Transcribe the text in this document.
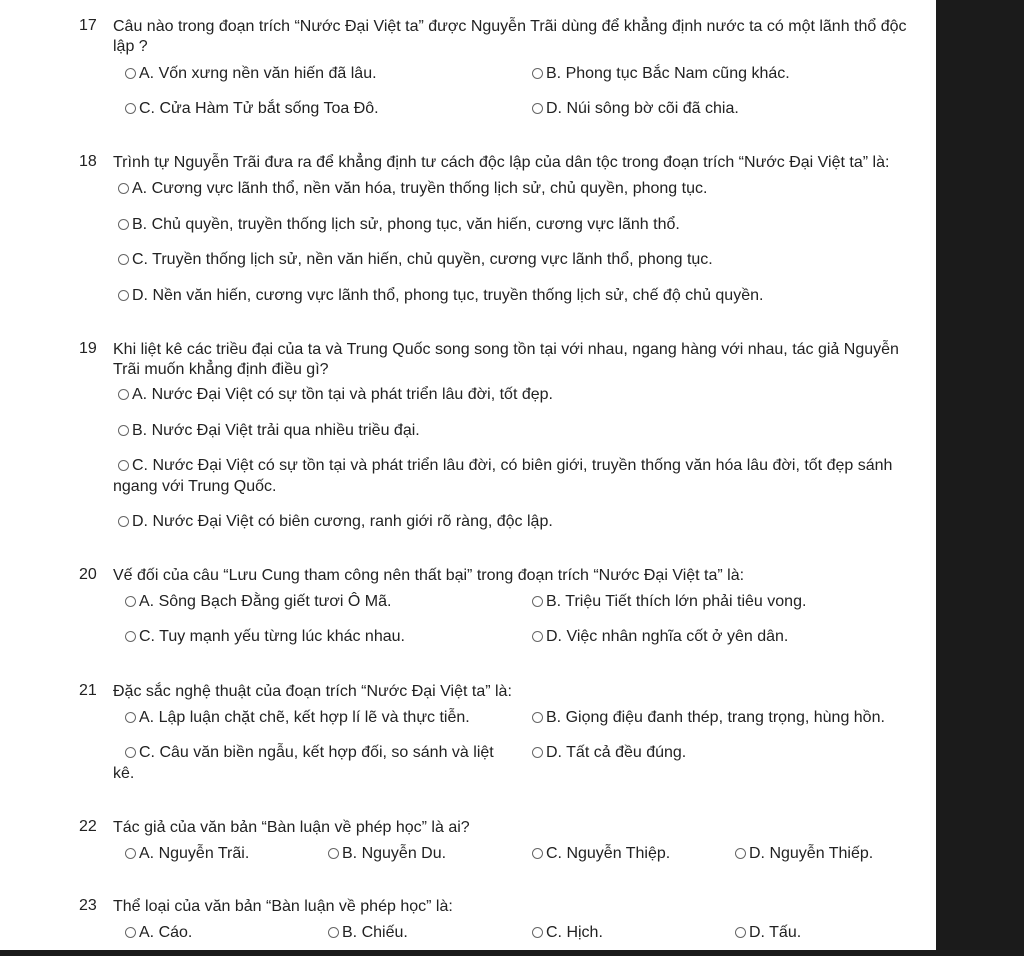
17 Câu nào trong đoạn trích “Nước Đại Việt ta” được Nguyễn Trãi dùng để khẳng định nước ta có một lãnh thổ độc lập ?
A. Vốn xưng nền văn hiến đã lâu.	B. Phong tục Bắc Nam cũng khác.
C. Cửa Hàm Tử bắt sống Toa Đô.	D. Núi sông bờ cõi đã chia.
18 Trình tự Nguyễn Trãi đưa ra để khẳng định tư cách độc lập của dân tộc trong đoạn trích “Nước Đại Việt ta” là:
A. Cương vực lãnh thổ, nền văn hóa, truyền thống lịch sử, chủ quyền, phong tục.
B. Chủ quyền, truyền thống lịch sử, phong tục, văn hiến, cương vực lãnh thổ.
C. Truyền thống lịch sử, nền văn hiến, chủ quyền, cương vực lãnh thổ, phong tục.
D. Nền văn hiến, cương vực lãnh thổ, phong tục, truyền thống lịch sử, chế độ chủ quyền.
19 Khi liệt kê các triều đại của ta và Trung Quốc song song tồn tại với nhau, ngang hàng với nhau, tác giả Nguyễn Trãi muốn khẳng định điều gì?
A. Nước Đại Việt có sự tồn tại và phát triển lâu đời, tốt đẹp.
B. Nước Đại Việt trải qua nhiều triều đại.
C. Nước Đại Việt có sự tồn tại và phát triển lâu đời, có biên giới, truyền thống văn hóa lâu đời, tốt đẹp sánh ngang với Trung Quốc.
D. Nước Đại Việt có biên cương, ranh giới rõ ràng, độc lập.
20 Vế đối của câu “Lưu Cung tham công nên thất bại” trong đoạn trích “Nước Đại Việt ta” là:
A. Sông Bạch Đằng giết tươi Ô Mã.	B. Triệu Tiết thích lớn phải tiêu vong.
C. Tuy mạnh yếu từng lúc khác nhau.	D. Việc nhân nghĩa cốt ở yên dân.
21 Đặc sắc nghệ thuật của đoạn trích “Nước Đại Việt ta” là:
A. Lập luận chặt chẽ, kết hợp lí lẽ và thực tiễn.	B. Giọng điệu đanh thép, trang trọng, hùng hồn.
C. Câu văn biền ngẫu, kết hợp đối, so sánh và liệt kê.
D. Tất cả đều đúng.
22 Tác giả của văn bản “Bàn luận về phép học” là ai?
A. Nguyễn Trãi.	B. Nguyễn Du.	C. Nguyễn Thiệp.	D. Nguyễn Thiếp.
23 Thể loại của văn bản “Bàn luận về phép học” là:
A. Cáo.	B. Chiếu.	C. Hịch.	D. Tấu.
